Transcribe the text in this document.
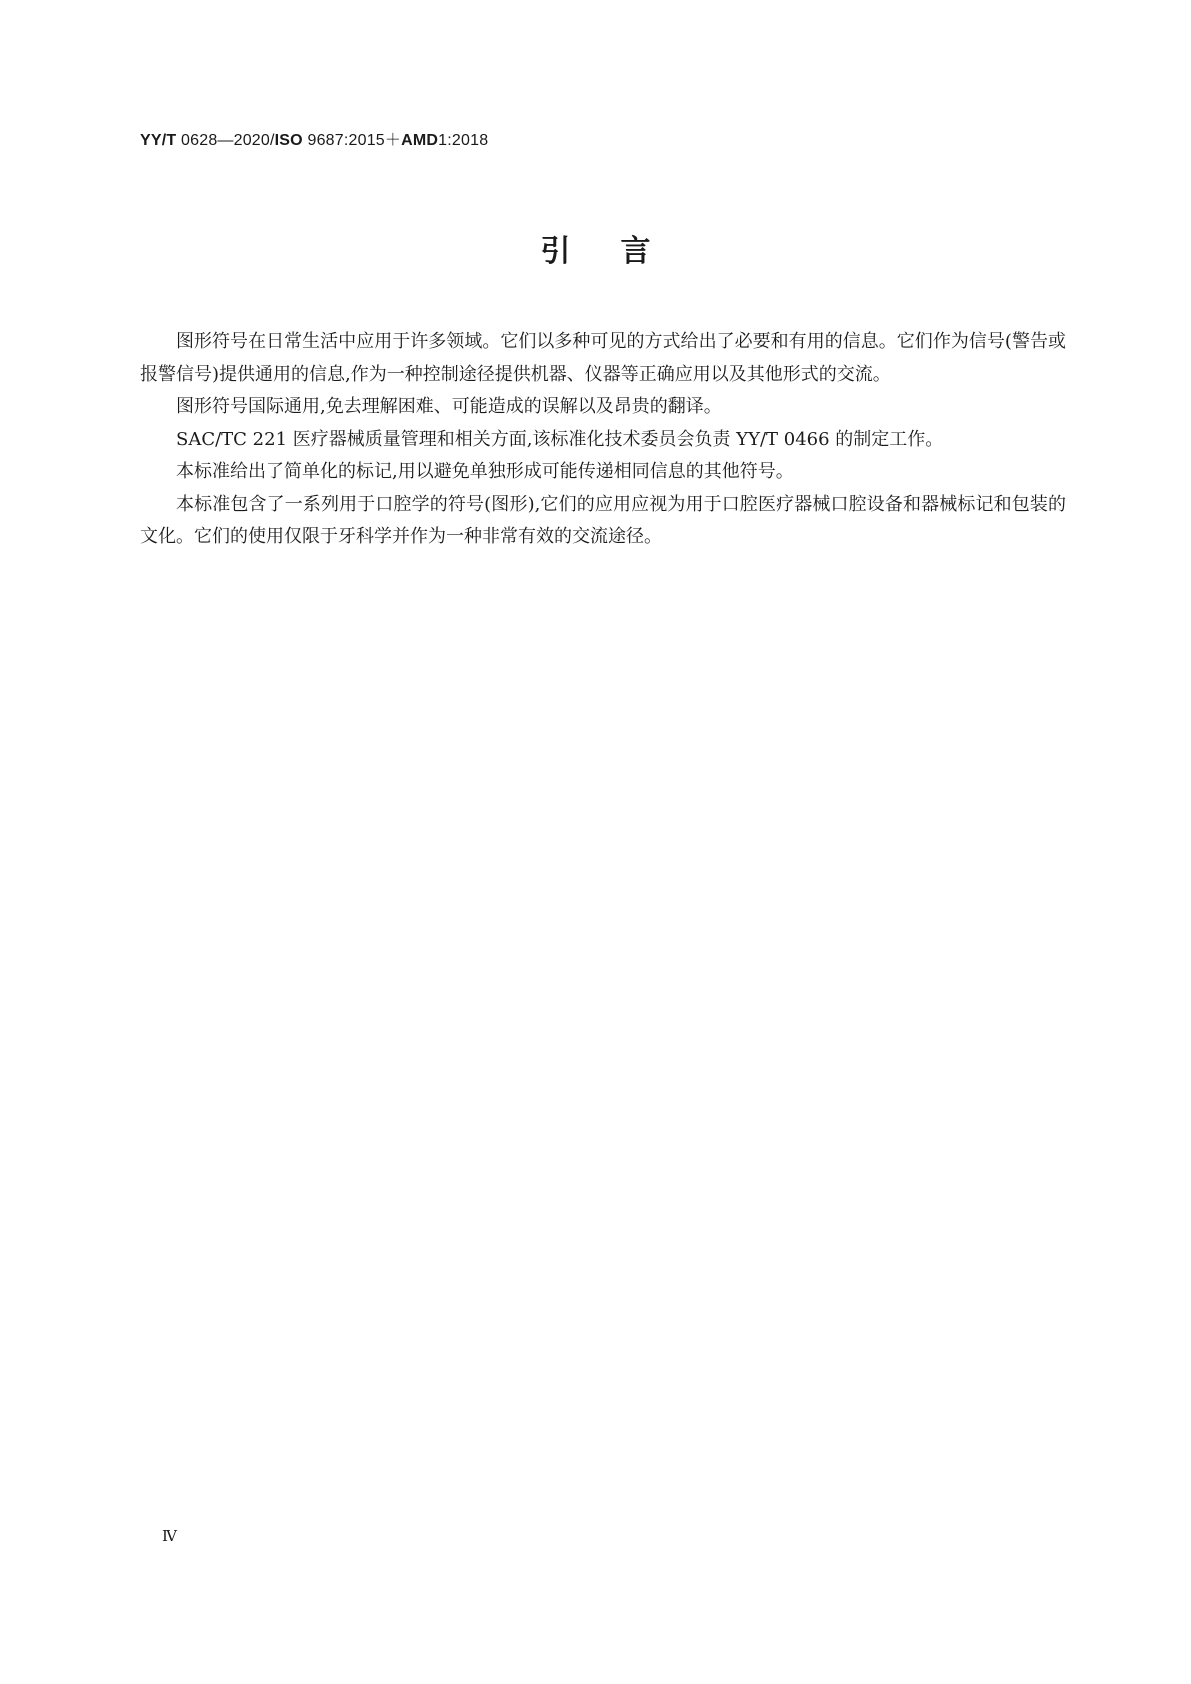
YY/T 0628—2020/ISO 9687:2015＋AMD1:2018
引言

图形符号在日常生活中应用于许多领域。它们以多种可见的方式给出了必要和有用的信息。它们作为信号(警告或报警信号)提供通用的信息,作为一种控制途径提供机器、仪器等正确应用以及其他形式的交流。

图形符号国际通用,免去理解困难、可能造成的误解以及昂贵的翻译。

SAC/TC 221 医疗器械质量管理和相关方面,该标准化技术委员会负责 YY/T 0466 的制定工作。

本标准给出了简单化的标记,用以避免单独形成可能传递相同信息的其他符号。

本标准包含了一系列用于口腔学的符号(图形),它们的应用应视为用于口腔医疗器械口腔设备和器械标记和包装的文化。它们的使用仅限于牙科学并作为一种非常有效的交流途径。

Ⅳ
